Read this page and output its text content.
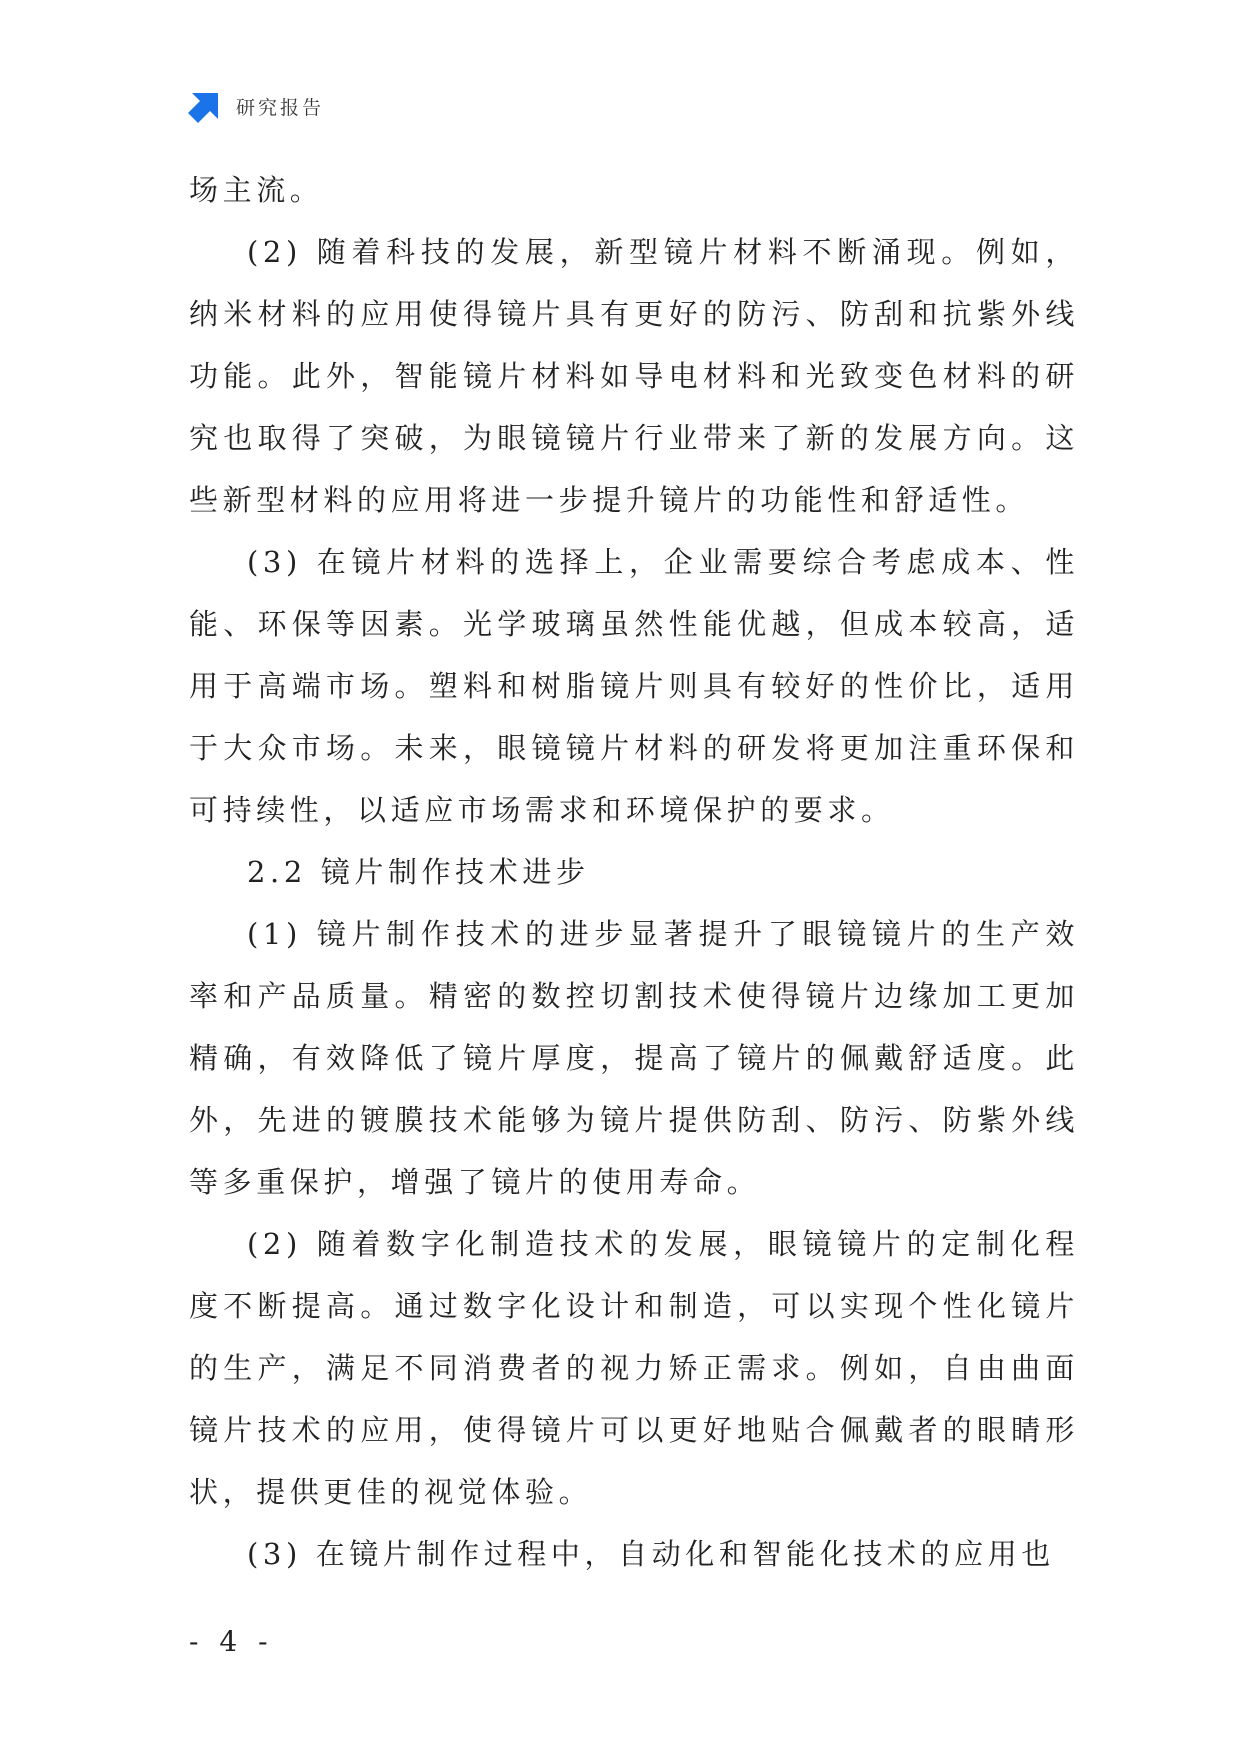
研究报告

场主流。

(2) 随着科技的发展，新型镜片材料不断涌现。例如，纳米材料的应用使得镜片具有更好的防污、防刮和抗紫外线功能。此外，智能镜片材料如导电材料和光致变色材料的研究也取得了突破，为眼镜镜片行业带来了新的发展方向。这些新型材料的应用将进一步提升镜片的功能性和舒适性。

(3) 在镜片材料的选择上，企业需要综合考虑成本、性能、环保等因素。光学玻璃虽然性能优越，但成本较高，适用于高端市场。塑料和树脂镜片则具有较好的性价比，适用于大众市场。未来，眼镜镜片材料的研发将更加注重环保和可持续性，以适应市场需求和环境保护的要求。

2.2 镜片制作技术进步

(1) 镜片制作技术的进步显著提升了眼镜镜片的生产效率和产品质量。精密的数控切割技术使得镜片边缘加工更加精确，有效降低了镜片厚度，提高了镜片的佩戴舒适度。此外，先进的镀膜技术能够为镜片提供防刮、防污、防紫外线等多重保护，增强了镜片的使用寿命。

(2) 随着数字化制造技术的发展，眼镜镜片的定制化程度不断提高。通过数字化设计和制造，可以实现个性化镜片的生产，满足不同消费者的视力矫正需求。例如，自由曲面镜片技术的应用，使得镜片可以更好地贴合佩戴者的眼睛形状，提供更佳的视觉体验。

(3) 在镜片制作过程中，自动化和智能化技术的应用也

- 4 -
